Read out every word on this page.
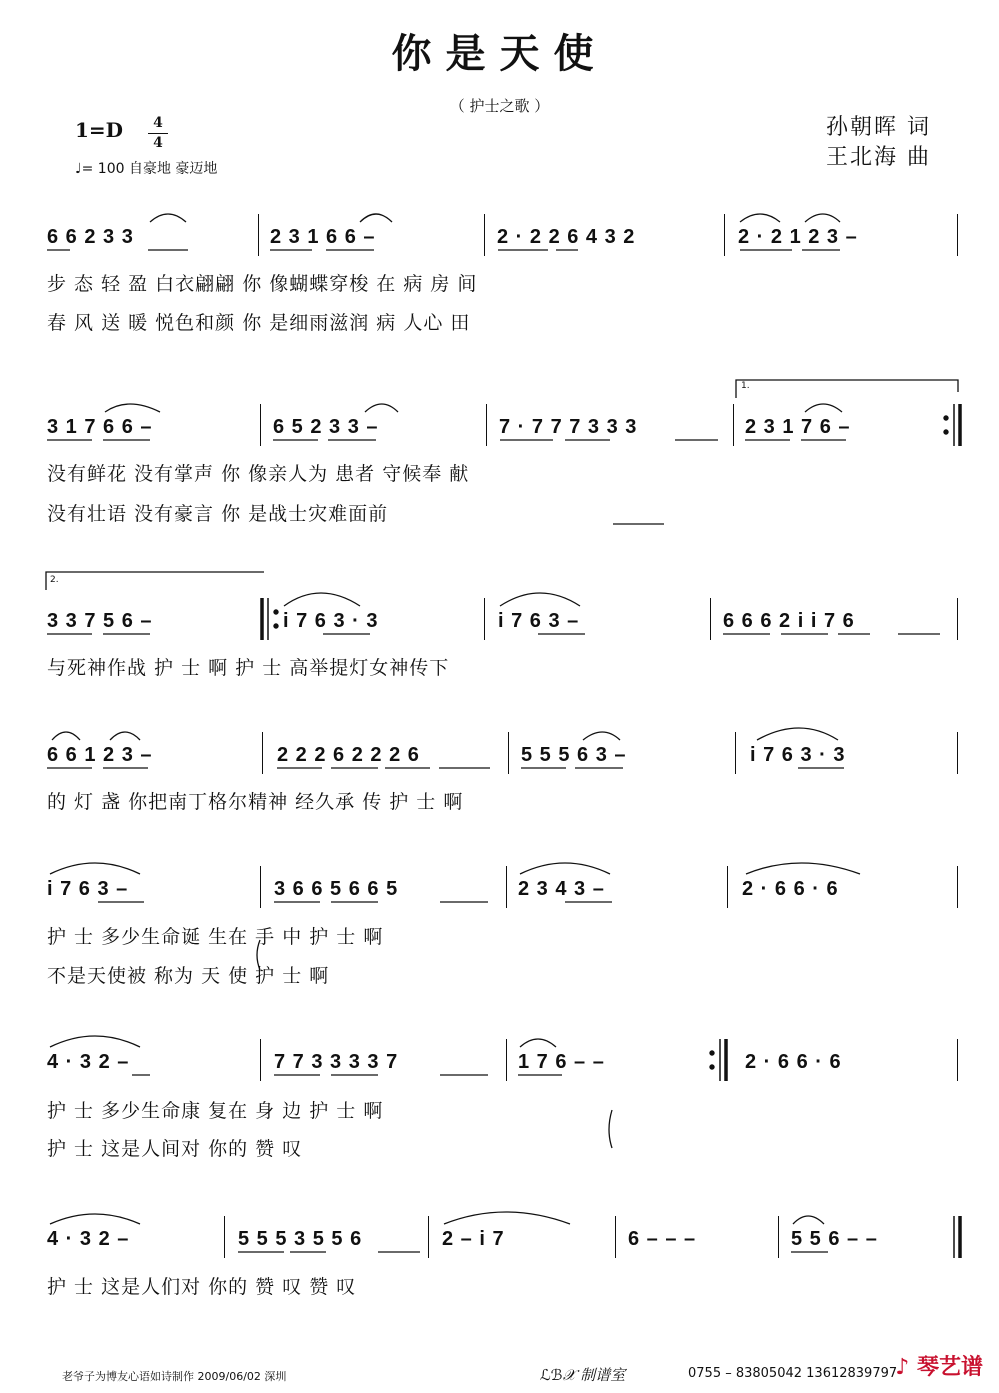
你是天使
（ 护士之歌 ）
孙朝晖 词
王北海 曲
1=D	4
4
♩= 100 自豪地 豪迈地
6 6 2 3 3	2 3 1 6 6 –	2 · 2 2 6 4 3 2	2 · 2 1 2 3 –
步 态 轻 盈 白衣翩翩 你 像蝴蝶穿梭 在 病 房 间
春 风 送 暖 悦色和颜 你 是细雨滋润 病 人心 田
3 1 7 6 6 –	6 5 2 3 3 –	7 · 7 7 7 3 3 3
1.
2 3 1 7 6 –
没有鲜花 没有掌声 你 像亲人为 患者 守候奉 献
没有壮语 没有豪言 你 是战士灾难面前
2.
3 3 7 5 6 –	i 7 6 3 · 3	i 7 6 3 –	6 6 6 2 i i 7 6
与死神作战 护 士 啊 护 士 高举提灯女神传下
6 6 1 2 3 –	2 2 2 6 2 2 2 6	5 5 5 6 3 –	i 7 6 3 · 3
的 灯 盏 你把南丁格尔精神 经久承 传 护 士 啊
i 7 6 3 –	3 6 6 5 6 6 5	2 3 4 3 –	2 · 6 6 · 6
护 士 多少生命诞 生在 手 中 护 士 啊
不是天使被 称为 天 使 护 士 啊
4 · 3 2 –	7 7 3 3 3 3 7	1 7 6 – –	2 · 6 6 · 6
护 士 多少生命康 复在 身 边 护 士 啊
护 士 这是人间对 你的 赞 叹
4 · 3 2 –	5 5 5 3 5 5 6	2 – i 7	6 – – –	5 5 6 – –
护 士 这是人们对 你的 赞 叹 赞 叹
老爷子为博友心语如诗制作 2009/06/02 深圳	ℒℬ𝒳 制谱室	0755 – 83805042 13612839797
♪ 琴艺谱
